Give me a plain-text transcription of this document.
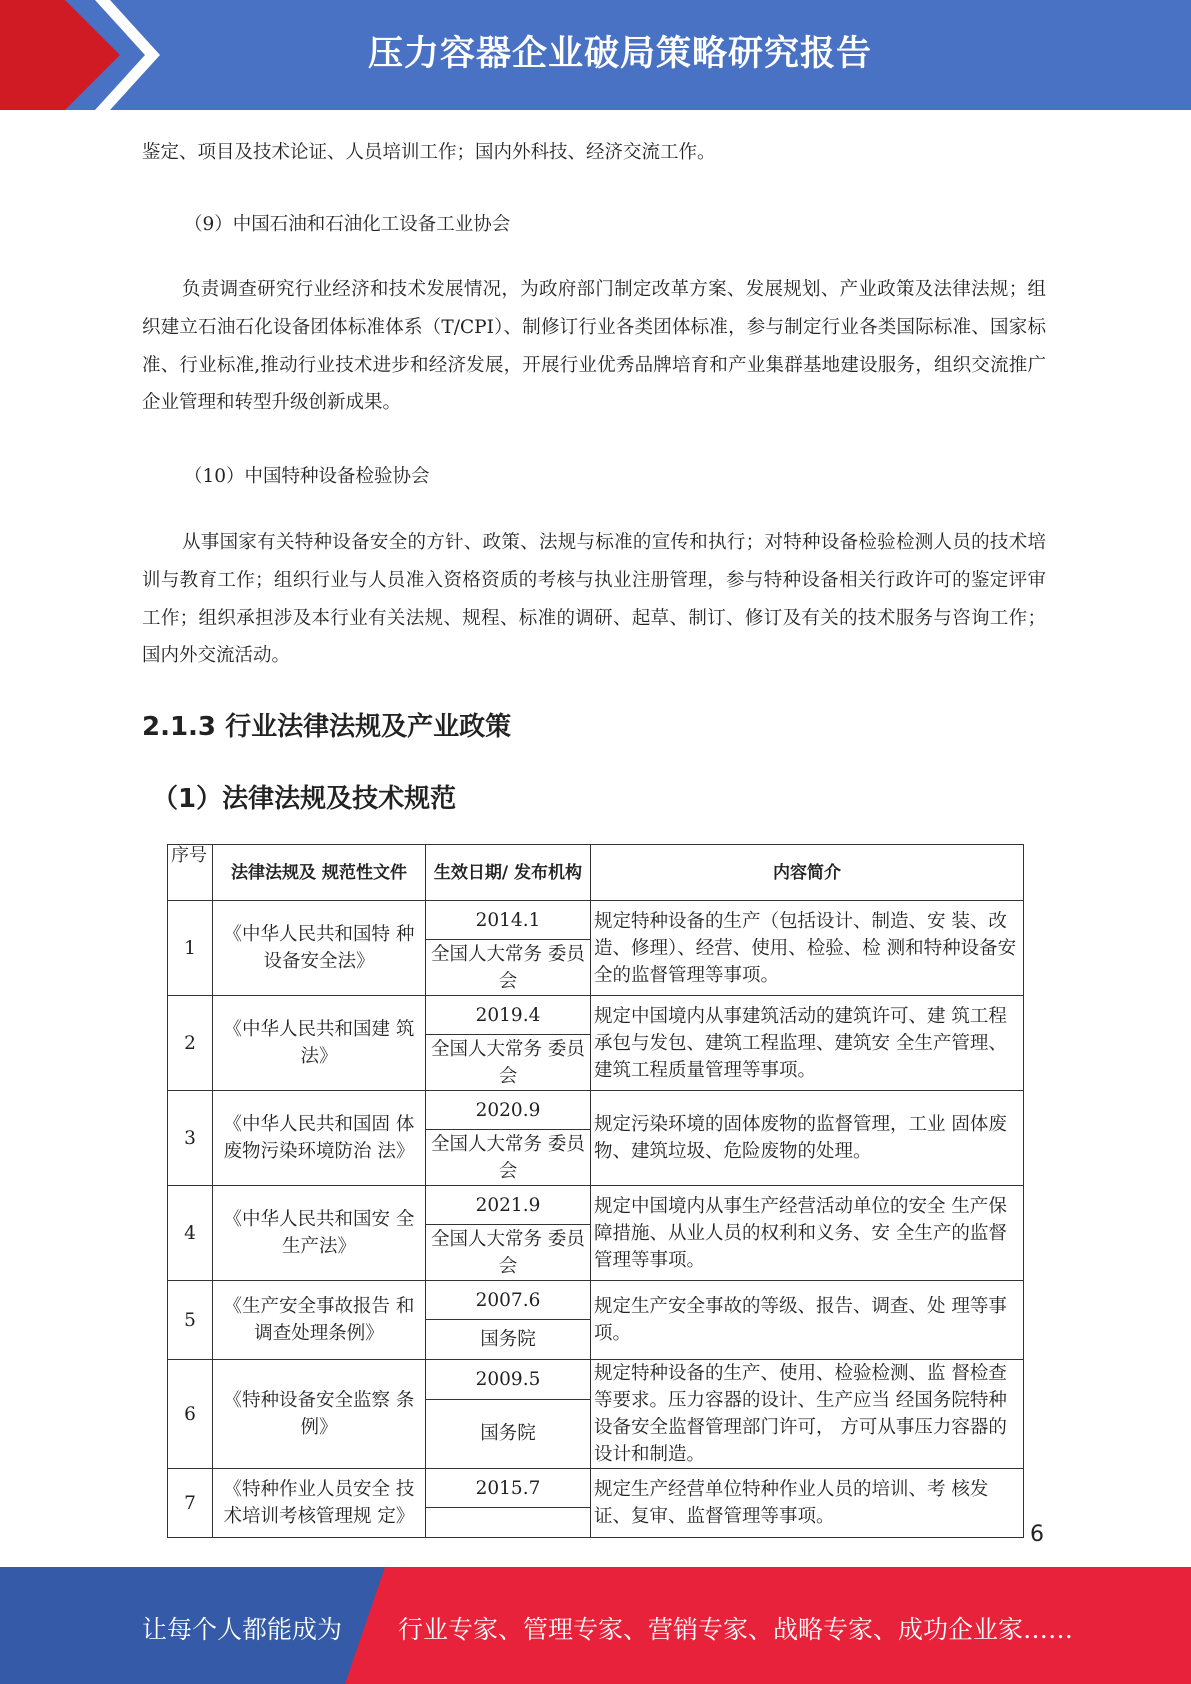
压力容器企业破局策略研究报告

鉴定、项目及技术论证、人员培训工作；国内外科技、经济交流工作。

（9）中国石油和石油化工设备工业协会

负责调查研究行业经济和技术发展情况，为政府部门制定改革方案、发展规划、产业政策及法律法规；组织建立石油石化设备团体标准体系（T/CPI）、制修订行业各类团体标准，参与制定行业各类国际标准、国家标准、行业标准,推动行业技术进步和经济发展，开展行业优秀品牌培育和产业集群基地建设服务，组织交流推广企业管理和转型升级创新成果。

（10）中国特种设备检验协会

从事国家有关特种设备安全的方针、政策、法规与标准的宣传和执行；对特种设备检验检测人员的技术培训与教育工作；组织行业与人员准入资格资质的考核与执业注册管理，参与特种设备相关行政许可的鉴定评审工作；组织承担涉及本行业有关法规、规程、标准的调研、起草、制订、修订及有关的技术服务与咨询工作；国内外交流活动。

2.1.3 行业法律法规及产业政策
（1）法律法规及技术规范
序号	法律法规及 规范性文件	生效日期/ 发布机构	内容简介
1	《中华人民共和国特 种设备安全法》	2014.1	规定特种设备的生产（包括设计、制造、安 装、改造、修理）、经营、使用、检验、检 测和特种设备安全的监督管理等事项。
		全国人大常务 委员会	
2	《中华人民共和国建 筑法》	2019.4	规定中国境内从事建筑活动的建筑许可、建 筑工程承包与发包、建筑工程监理、建筑安 全生产管理、建筑工程质量管理等事项。
		全国人大常务 委员会	
3	《中华人民共和国固 体废物污染环境防治 法》	2020.9	规定污染环境的固体废物的监督管理，工业 固体废物、建筑垃圾、危险废物的处理。
		全国人大常务 委员会	
4	《中华人民共和国安 全生产法》	2021.9	规定中国境内从事生产经营活动单位的安全 生产保障措施、从业人员的权利和义务、安 全生产的监督管理等事项。
		全国人大常务 委员会	
5	《生产安全事故报告 和调查处理条例》	2007.6	规定生产安全事故的等级、报告、调查、处 理等事项。
		国务院	
6	《特种设备安全监察 条例》	2009.5	规定特种设备的生产、使用、检验检测、监 督检查等要求。压力容器的设计、生产应当 经国务院特种设备安全监督管理部门许可， 方可从事压力容器的设计和制造。
		国务院	
7	《特种作业人员安全 技术培训考核管理规 定》	2015.7	规定生产经营单位特种作业人员的培训、考 核发证、复审、监督管理等事项。

6
让每个人都能成为 行业专家、管理专家、营销专家、战略专家、成功企业家……
